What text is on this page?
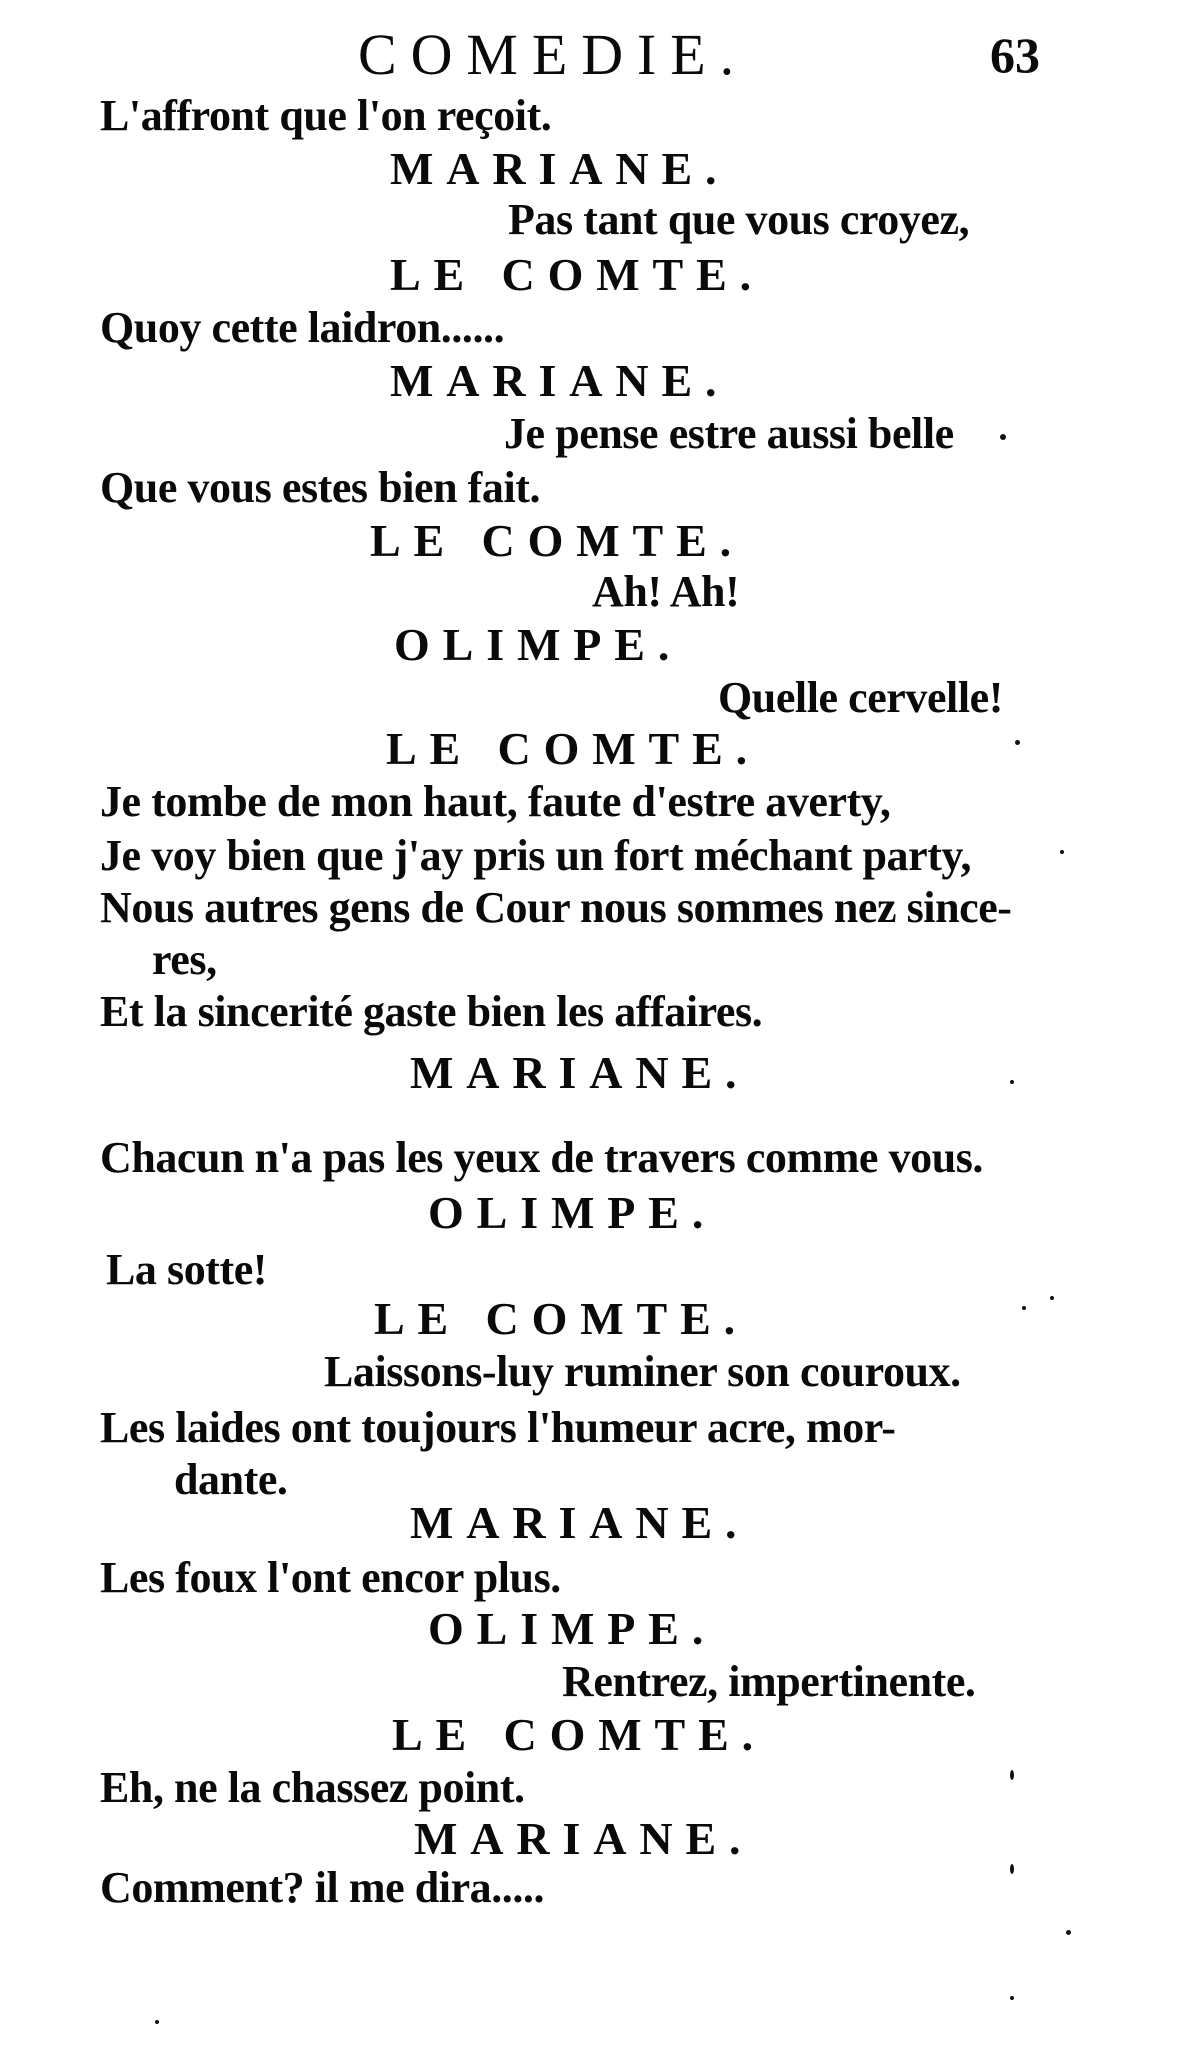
COMEDIE.	63
L'affront que l'on reçoit.
MARIANE.
Pas tant que vous croyez,
LE COMTE.
Quoy cette laidron......
MARIANE.
Je pense estre aussi belle
Que vous estes bien fait.
LE COMTE.
Ah! Ah!
OLIMPE.
Quelle cervelle!
LE COMTE.
Je tombe de mon haut, faute d'estre averty,
Je voy bien que j'ay pris un fort méchant party,
Nous autres gens de Cour nous sommes nez since-
res,
Et la sincerité gaste bien les affaires.
MARIANE.
Chacun n'a pas les yeux de travers comme vous.
OLIMPE.
La sotte!
LE COMTE.
Laissons-luy ruminer son couroux.
Les laides ont toujours l'humeur acre, mor-
dante.
MARIANE.
Les foux l'ont encor plus.
OLIMPE.
Rentrez, impertinente.
LE COMTE.
Eh, ne la chassez point.
MARIANE.
Comment? il me dira.....
